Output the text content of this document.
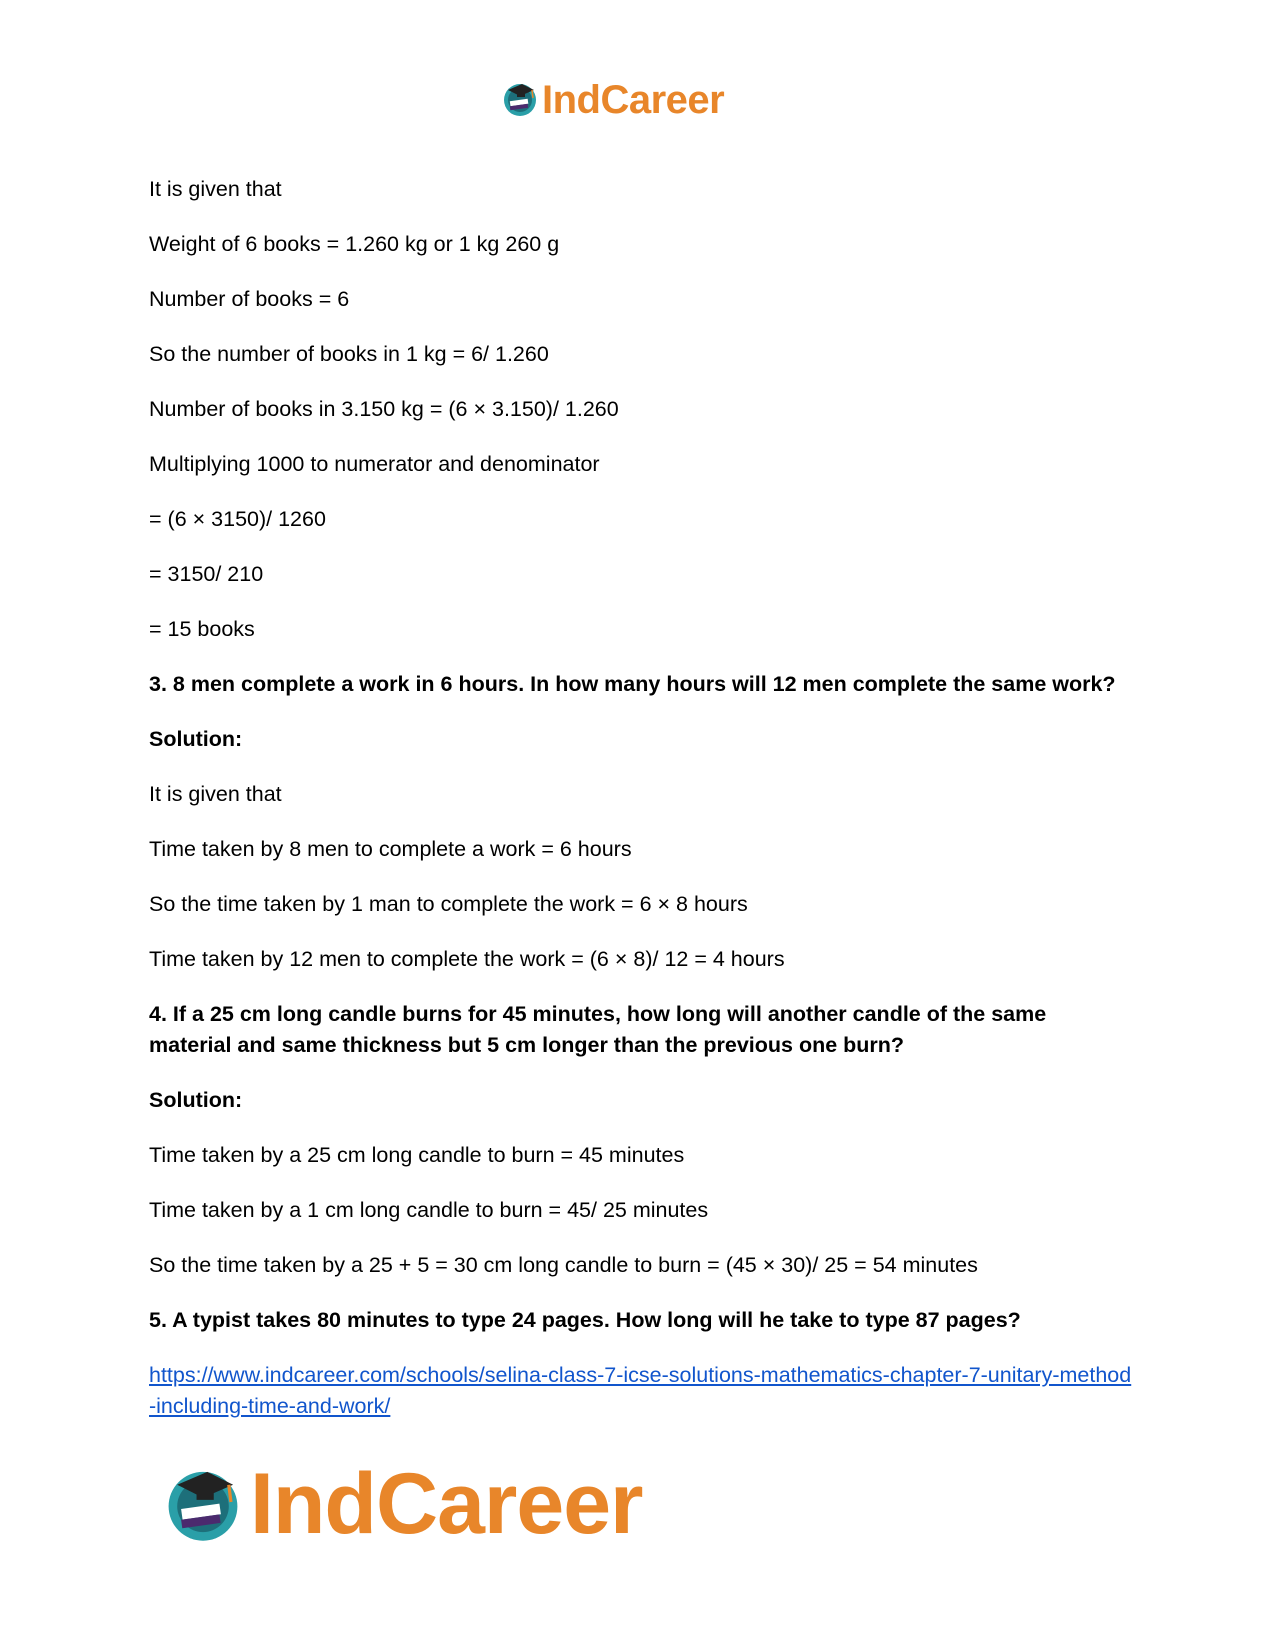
IndCareer

It is given that

Weight of 6 books = 1.260 kg or 1 kg 260 g

Number of books = 6

So the number of books in 1 kg = 6/ 1.260

Number of books in 3.150 kg = (6 × 3.150)/ 1.260

Multiplying 1000 to numerator and denominator

= (6 × 3150)/ 1260

= 3150/ 210

= 15 books

3. 8 men complete a work in 6 hours. In how many hours will 12 men complete the same work?

Solution:

It is given that

Time taken by 8 men to complete a work = 6 hours

So the time taken by 1 man to complete the work = 6 × 8 hours

Time taken by 12 men to complete the work = (6 × 8)/ 12 = 4 hours

4. If a 25 cm long candle burns for 45 minutes, how long will another candle of the same material and same thickness but 5 cm longer than the previous one burn?

Solution:

Time taken by a 25 cm long candle to burn = 45 minutes

Time taken by a 1 cm long candle to burn = 45/ 25 minutes

So the time taken by a 25 + 5 = 30 cm long candle to burn = (45 × 30)/ 25 = 54 minutes

5. A typist takes 80 minutes to type 24 pages. How long will he take to type 87 pages?

https://www.indcareer.com/schools/selina-class-7-icse-solutions-mathematics-chapter-7-unitary-method-including-time-and-work/
IndCareer
